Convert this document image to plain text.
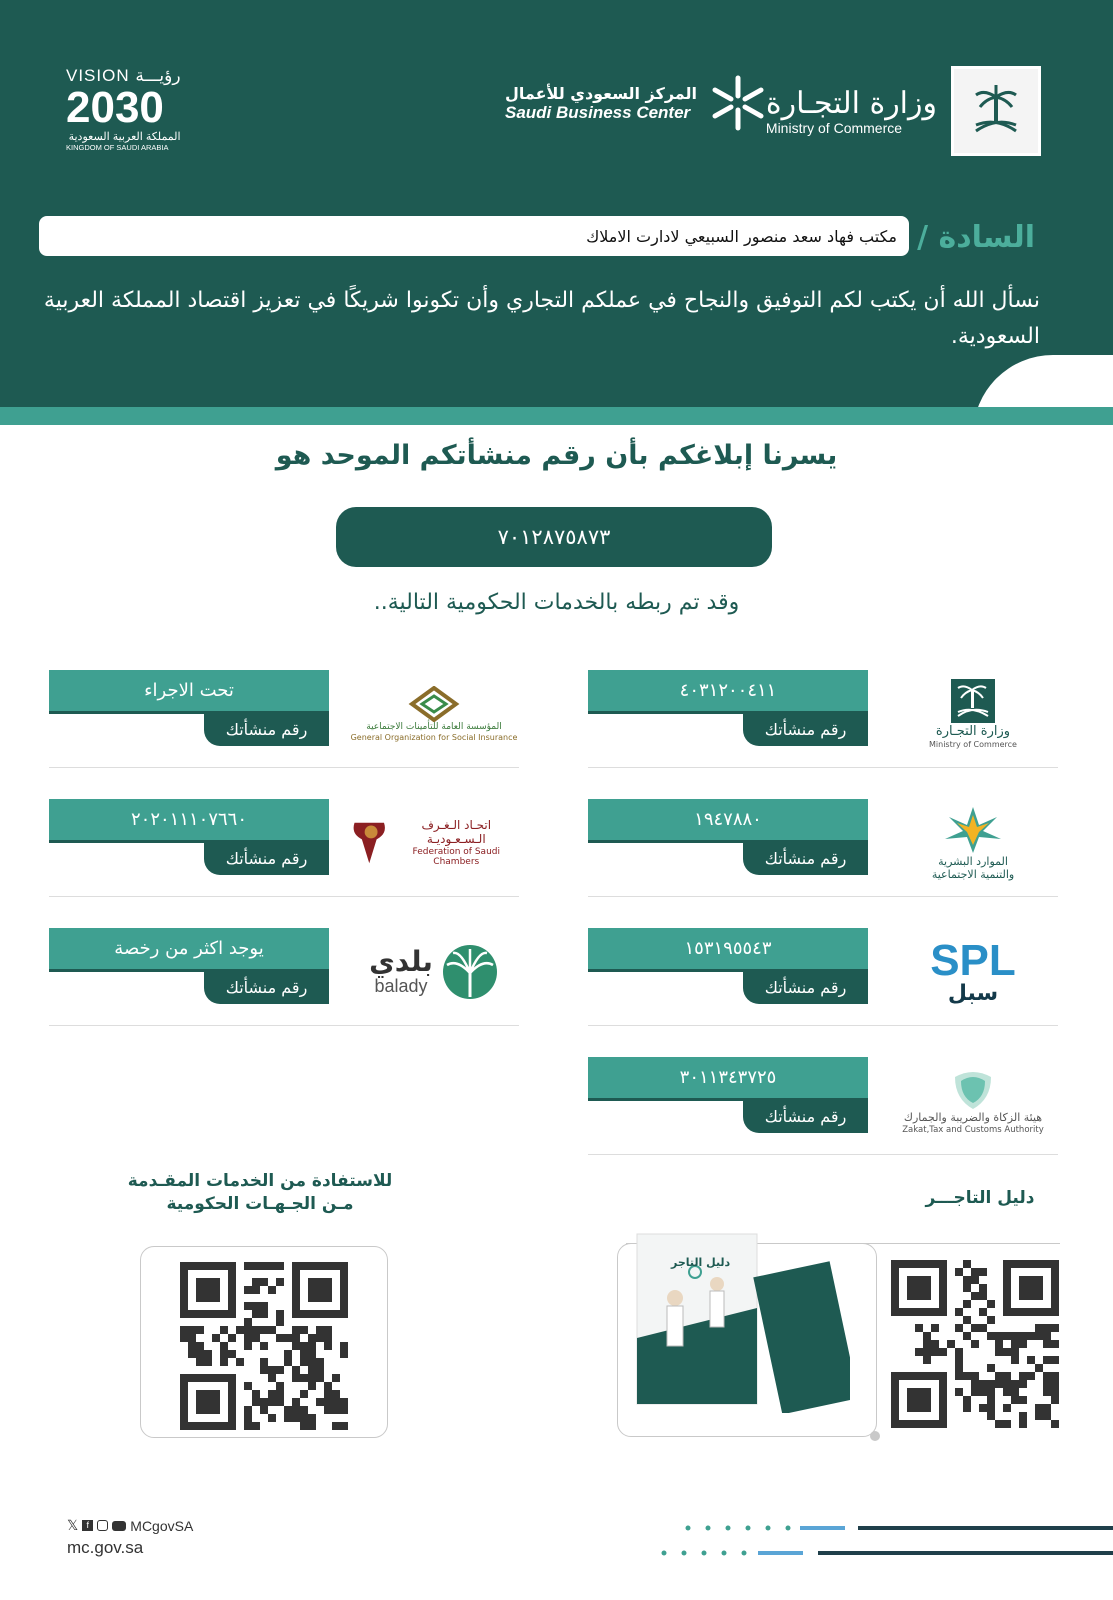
وزارة التجـارة
Ministry of Commerce
المركز السعودي للأعمال
Saudi Business Center
VISION رؤيـــة
2030
المملكة العربية السعودية
KINGDOM OF SAUDI ARABIA
السادة /
مكتب فهاد سعد منصور السبيعي لادارت الاملاك
نسأل الله أن يكتب لكم التوفيق والنجاح في عملكم التجاري وأن تكونوا شريكًا في تعزيز اقتصاد المملكة العربية السعودية.
يسرنا إبلاغكم بأن رقم منشأتكم الموحد هو
٧٠١٢٨٧٥٨٧٣
وقد تم ربطه بالخدمات الحكومية التالية..
٤٠٣١٢٠٠٤١١
رقم منشأتك	وزارة التجـارة
Ministry of Commerce
١٩٤٧٨٨٠
رقم منشأتك	الموارد البشرية والتنمية الاجتماعية
١٥٣١٩٥٥٤٣
رقم منشأتك
SPL
سبل
٣٠١١٣٤٣٧٢٥
رقم منشأتك	هيئة الزكاة والضريبة والجمارك
Zakat,Tax and Customs Authority
تحت الاجراء
رقم منشأتك	المؤسسة العامة للتأمينات الاجتماعية
General Organization for Social Insurance
٢٠٢٠١١١٠٧٦٦٠
رقم منشأتك
اتحـاد الـغـرف الـسـعـوديـة
Federation of Saudi Chambers
يوجد اكثر من رخصة
رقم منشأتك
بلدي
balady
دليل التاجـــر
للاستفادة من الخدمات المقـدمة
مـن الجـهـات الحكومية
دليل التاجر
𝕏 f	MCgovSA
mc.gov.sa
